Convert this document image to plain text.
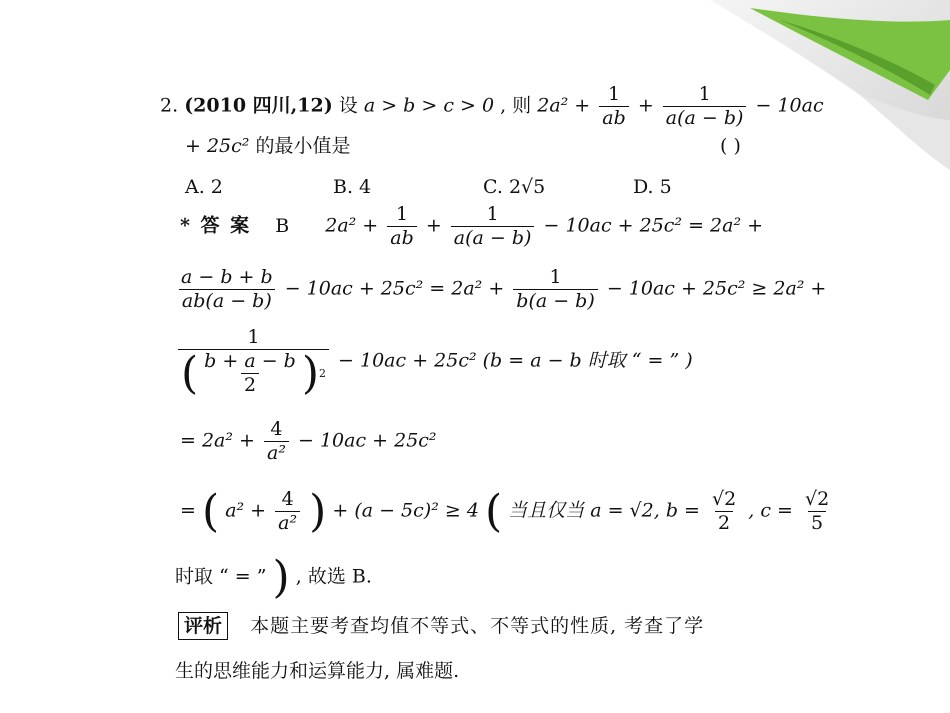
2. (2010 四川,12) 设 a > b > c > 0 , 则 $2a^2 + \frac{1}{ab} + \frac{1}{a(a - b)} - 10ac$
+ 25c² 的最小值是	( )
A. 2	B. 4	C. 2√5	D. 5
* 答 案 B $2a^2 + \frac{1}{ab} + \frac{1}{a(a - b)} - 10ac + 25c^2 = 2a^2$ +
$\frac{a - b + b}{ab(a - b)} - 10ac + 25c^2 = 2a^2 + \frac{1}{b(a - b)} - 10ac + 25c^2 \ge 2a^2$ +
$\frac{1}{( \frac{b + a - b}{2} ) 2} - 10ac + 25c^2$ (b = a − b 时取 “ = ” )
= $2a^2 + \frac{4}{\text{a²}} - 10ac + 25c^2$
= ( $a^2 + \frac{4}{\text{a²}}$ ) + (a − 5c)² ≥ 4 ( 当且仅当 a = √2, $b = \frac{√2}{2}$ , $c = \frac{√2}{5}$
时取 “ = ” ) , 故选 B.
评析 本题主要考查均值不等式、不等式的性质, 考查了学
生的思维能力和运算能力, 属难题.
